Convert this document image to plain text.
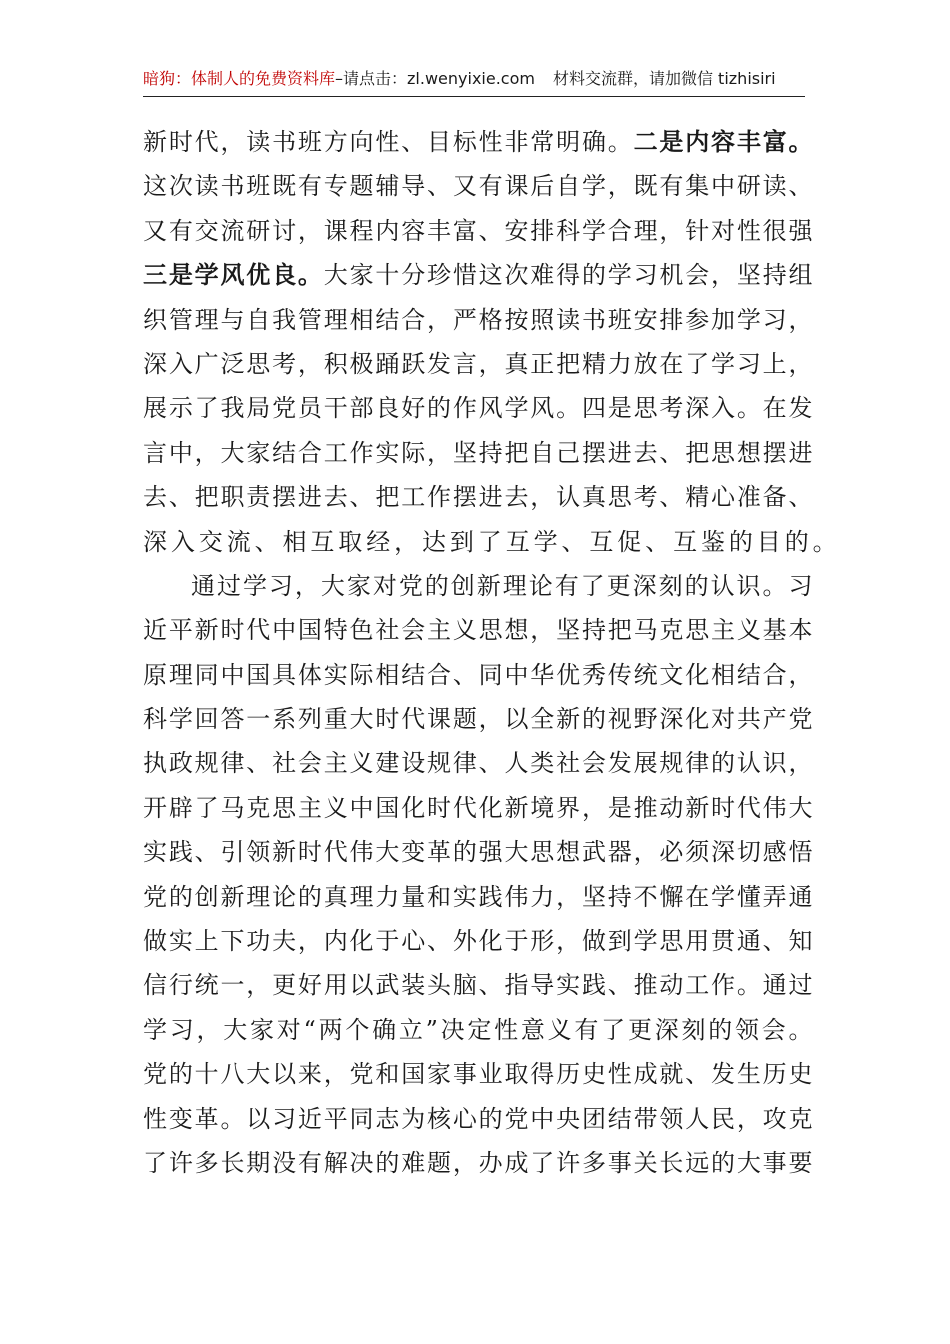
暗狗：体制人的免费资料库–请点击：zl.wenyixie.com 材料交流群，请加微信 tizhisiri
新时代，读书班方向性、目标性非常明确。二是内容丰富。
这次读书班既有专题辅导、又有课后自学，既有集中研读、
又有交流研讨，课程内容丰富、安排科学合理，针对性很强
三是学风优良。大家十分珍惜这次难得的学习机会，坚持组
织管理与自我管理相结合，严格按照读书班安排参加学习，
深入广泛思考，积极踊跃发言，真正把精力放在了学习上，
展示了我局党员干部良好的作风学风。四是思考深入。在发
言中，大家结合工作实际，坚持把自己摆进去、把思想摆进
去、把职责摆进去、把工作摆进去，认真思考、精心准备、
深入交流、相互取经，达到了互学、互促、互鉴的目的。
通过学习，大家对党的创新理论有了更深刻的认识。习
近平新时代中国特色社会主义思想，坚持把马克思主义基本
原理同中国具体实际相结合、同中华优秀传统文化相结合，
科学回答一系列重大时代课题，以全新的视野深化对共产党
执政规律、社会主义建设规律、人类社会发展规律的认识，
开辟了马克思主义中国化时代化新境界，是推动新时代伟大
实践、引领新时代伟大变革的强大思想武器，必须深切感悟
党的创新理论的真理力量和实践伟力，坚持不懈在学懂弄通
做实上下功夫，内化于心、外化于形，做到学思用贯通、知
信行统一，更好用以武装头脑、指导实践、推动工作。通过
学习，大家对“两个确立”决定性意义有了更深刻的领会。
党的十八大以来，党和国家事业取得历史性成就、发生历史
性变革。以习近平同志为核心的党中央团结带领人民，攻克
了许多长期没有解决的难题，办成了许多事关长远的大事要
